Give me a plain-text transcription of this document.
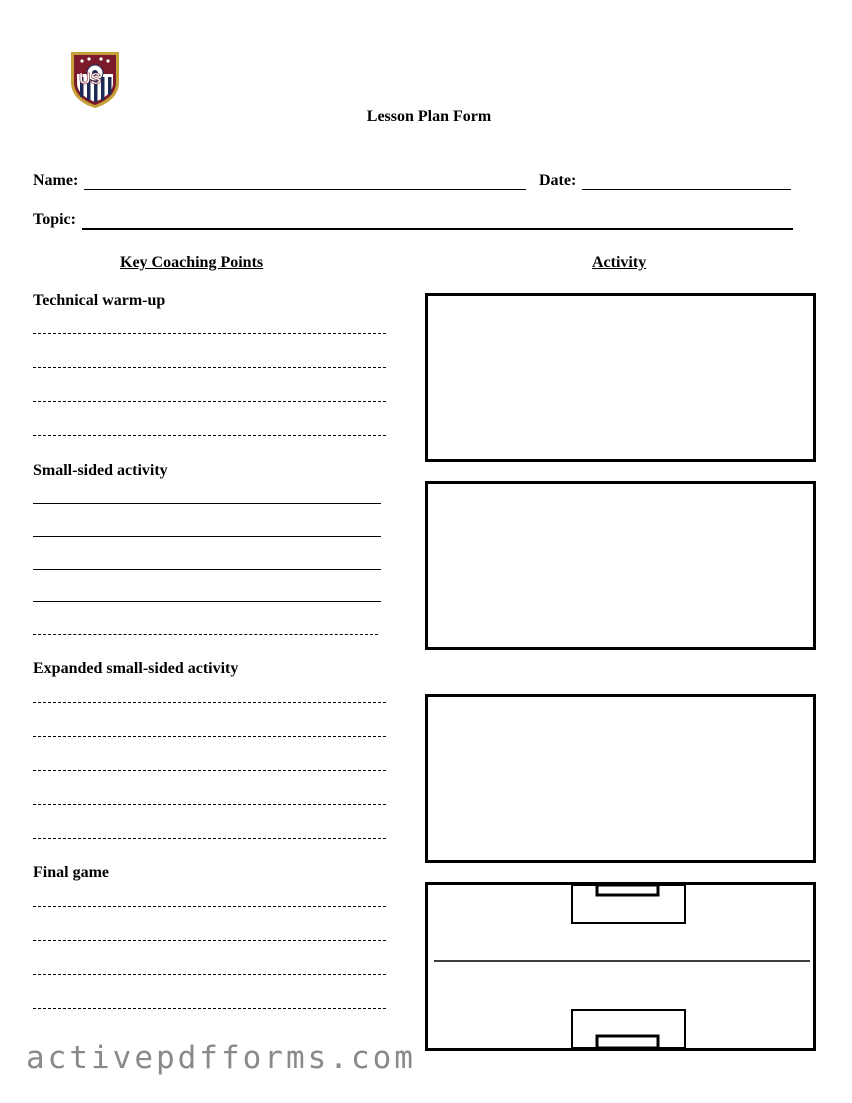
US
Lesson Plan Form
Name:	Date:
Topic:
Key Coaching Points	Activity
Technical warm-up
Small-sided activity
Expanded small-sided activity
Final game
activepdfforms.com
